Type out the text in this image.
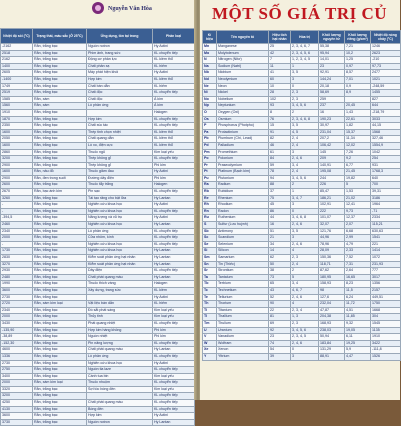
Nguyễn Văn Hòa
Nhiệt độ sôi (°C)	Trạng thái, màu sắc (Ở 25°C)	Ứng dụng, tồn tại trong	Phân loại
-2162	Rắn, trắng bạc	Nguồn notron	Hy Actini
2518	Rắn, trắng bạc	Phim ảnh, trang sức	KL chuyển tiếp
2162	Rắn, trắng bạc	Động cơ phản lực	KL kiềm thổ
1400	Rắn, trắng bạc	Chất phản xạ	KL hiếm
2605	Rắn, trắng bạc	Máy phát hiện khói	Hy Actini
-1400	Rắn, trắng bạc	Hợp kim	KL kiềm thổ
1749	Rắn, trắng bạc	Chất bán dẫn	KL hiếm
2519	Rắn, trắng bạc	Chất độc	KL chuyển tiếp
1585	Rắn, xám	Chất độc	Á kim
1560	Rắn, xám	Lò phản ứng	Á kim
1910	Rắn, trắng bạc		Halogen
1870	Rắn, trắng bạc	Hợp kim	KL chuyển tiếp
2350	Rắn, trắng bạc	Chất xúc tác	KL chuyển tiếp
1600	Rắn, trắng bạc	Thép tinh chọn nhiệt	KL kiềm thổ
2050	Rắn, trắng bạc	Chất quang dẫn	KL kiềm thổ
1600	Rắn, trắng bạc	Lò xo, điện cực	KL kiềm thổ
2860	Rắn, trắng bạc	Thuốc ngủ	Kim loại yếu
3200	Rắn, trắng bạc	Thép không gỉ	KL chuyển tiếp
2900	Rắn, trắng bạc	Thép không gỉ	Phi kim
1600	Rắn, nâu đỏ	Thuốc giảm đau	Hy Actini
2900	Rắn, đen trong suốt	Đường dây điện	Phi kim
2600	Rắn, trắng bạc	Thuốc tẩy trắng	Halogen
2670	Rắn, bạc ánh kim	Pin sạc	KL chuyển tiếp
3260	Rắn, trắng bạc	Tái tạo răng cho bật lửa	Hy Lantan
-	Rắn, trắng bạc	Nghiên cứu khoa học	Hy Actini
-	Rắn, trắng bạc	Nghiên cứu khoa học	KL chuyển tiếp
-394,5	Rắn, trắng bạc	Năng lượng và vũ trụ	Hy Actini
2460	Rắn, trắng bạc	Nghiên cứu khoa học	Hy Lantan
2340	Rắn, trắng bạc	Lò phản ứng	KL chuyển tiếp
2000	Rắn, trắng bạc	Cửa nhôm, kính	KL chuyển tiếp
-	Rắn, trắng bạc	Nghiên cứu khoa học	KL chuyển tiếp
1730	Rắn, trắng bạc	Nghiên cứu khoa học	Hy Lantan
2830	Rắn, trắng bạc	Kiểm soát phản ứng hạt nhân	Hy Lantan
3270	Rắn, trắng bạc	Kiểm soát phản ứng hạt nhân	Hy Lantan
2930	Rắn, trắng bạc	Dây điện	KL chuyển tiếp
2480	Rắn, trắng bạc	Chất phát quang màu	Hy Lantan
1990	Rắn, trắng bạc	Thuốc thích vàng	Halogen
3600	Rắn, trắng bạc	Xây dựng, trang sức	KL kiềm
2730	Rắn, trắng bạc		Hy Actini
2720	Rắn, xám kim loại	Vật liệu bán dẫn	KL hiếm
2340	Rắn, trắng bạc	Đồ sắt phát sáng	Kim loại yếu
2000	Rắn, trắng bạc	Thủy tinh	Kim loại yếu
3430	Rắn, trắng bạc	Phát quang nhiệt	KL chuyển tiếp
-135,90	Rắn, trắng bạc	Hợp kim hàng không	Phi kim
-38,89	Rắn, trắng bạc	Nguồn nhiệt	Phi kim
-152,30	Rắn, trắng bạc	Pin năng lượng	KL chuyển tiếp
4600	Rắn, trắng bạc	Chất phát quang màu	Hy Lantan
1336	Rắn, trắng bạc	Lò phản ứng	KL chuyển tiếp
2730	Rắn, trắng bạc	Nghiên cứu khoa học	Hy Actini
2750	Rắn, trắng bạc	Nguồn tia laze	KL chuyển tiếp
3400	Rắn, trắng bạc	Cánh tua bin	Kim loại yếu
2000	Rắn, xám kim loại	Thuốc nhuộm	KL chuyển tiếp
3320	Rắn, trắng bạc	Sợi tóc bóng đèn	Kim loại yếu
3200	Rắn, trắng bạc		KL chuyển tiếp
4250	Rắn, trắng bạc	Chất phát quang màu	KL chuyển tiếp
4130	Rắn, trắng bạc	Bóng đèn	KL chuyển tiếp
3600	Rắn, trắng bạc	Hợp kim	Hy Actini
3730	Rắn, trắng bạc	Nguồn notron	Hy Lantan
Kí hiệu	Tên nguyên tố	Hiệu tích hạt nhân	Hóa trị	Khối lượng nguyên tử	Khối lượng riêng (g/cm³)	Nhiệt độ nóng chảy (°C)
Mn	Manganese	25	2, 3, 4, 6, 7	55,38	7,21	1246
Mo	Molybdenum	42	2, 3, 4, 5, 6	95,94	10,2	2623
N	Nitrogen (Nitơ)	7	1, 2, 3, 4, 5	14,01	1,25	-210
Na	Sodium (Natri)	11	1	23	0,97	97,73
Nb	Niobium	41	3, 5	92,91	8,57	2477
Nd	Neodymium	60	3	144,24	7,01	1021
Ne	Neon	10	0	20,18	0,9	-248,59
Ni	Nickel	28	2, 3	58,69	8,9	1455
No	Nobelium	102	2, 3	259		827
Np	Neptunium	93	3, 4, 5, 6	237	20,45	644
O	Oxygen (Oxi)	8	2	16	1,43	-218,79
Os	Osmium	76	2, 3, 4, 6, 8	190,23	22,61	3033
P	Phosphorus (Photpho)	15	3, 5	30,97	1,82	44,15
Pa	Protactinium	91	4, 5	231,04	15,37	1568
Pb	Plumbum (Chì, Lead)	82	2, 4	207,2	11,34	327,46
Pd	Palladium	46	2, 4	106,42	12,02	1554,9
Pm	Promethium	61	3	145	7,26	1042
Po	Polonium	84	2, 4, 6	209	9,2	254
Pr	Praseodymium	59	3, 4	140,91	6,77	931
Pt	Platinum (Bạch kim)	78	2, 4	195,08	21,45	1768,3
Pu	Plutonium	94	3, 4, 5, 6	244	19,82	640
Ra	Radium	88	2	226	5	700
Rb	Rubidium	37	1	85,47	1,53	39,31
Re	Rhenium	75	3, 4, 7	186,21	21,02	3186
Rh	Rhodium	45	3	102,91	12,41	1964
Rn	Radon	86	0	222	9,73	-71
Ru	Ruthenium	44	3, 4, 6, 8	101,07	12,37	2334
S	Sulfur (Lưu huỳnh)	16	2, 4, 6	32,07	2,07	115,21
Sb	Antimony	51	3, 5	121,76	6,68	630,63
Sc	Scandium	21	3	44,96	2,99	1541
Se	Selenium	34	2, 4, 6	78,96	4,79	221
Si	Silicon	14	4	28,09	2,33	1414
Sm	Samarium	62	2, 3	150,36	7,52	1072
Sn	Tin (Thiếc)	50	2, 4	118,71	7,31	231,93
Sr	Strontium	38	2	87,62	2,64	777
Ta	Tantalum	73	5	180,95	16,65	3017
Tb	Terbium	65	3, 4	158,93	8,23	1356
Tc	Technetium	43	4, 6, 7	98	11,5	2157
Te	Tellurium	52	2, 4, 6	127,6	6,24	449,51
Th	Thorium	90	4	232,04	11,72	1750
Ti	Titanium	22	2, 3, 4	47,87	4,51	1668
Tl	Thallium	81	1, 3	204,38	11,85	304
Tm	Thulium	69	2, 3	168,93	9,32	1545
U	Uranium	92	3, 4, 5, 6	238,03	19,05	1135
V	Vanadium	23	2, 3, 4, 5	50,94	6,11	1910
W	Wolfram	74	2, 4, 6	183,84	19,25	3422
Xe	Xenon	54	0	131,29	5,9	-111,8
Y	Yttrium	39	3	88,91	4,47	1526
MỘT SỐ GIÁ TRỊ CỦ
